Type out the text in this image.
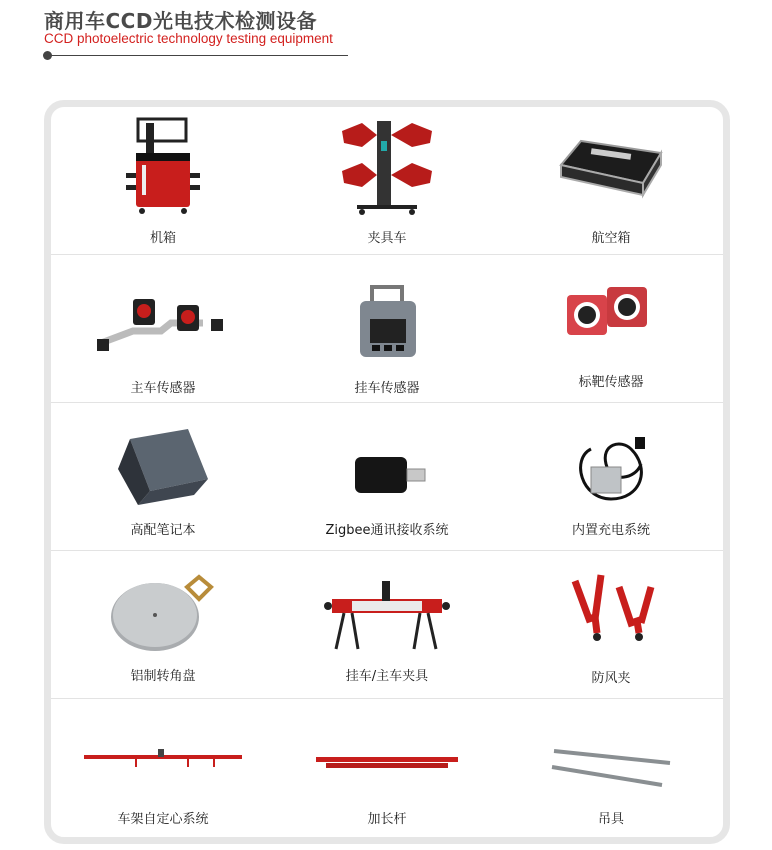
商用车CCD光电技术检测设备
CCD photoelectric technology testing equipment
机箱	夹具车	航空箱
主车传感器	挂车传感器	标靶传感器
高配笔记本	Zigbee通讯接收系统	内置充电系统
铝制转角盘	挂车/主车夹具	防风夹
车架自定心系统	加长杆	吊具
